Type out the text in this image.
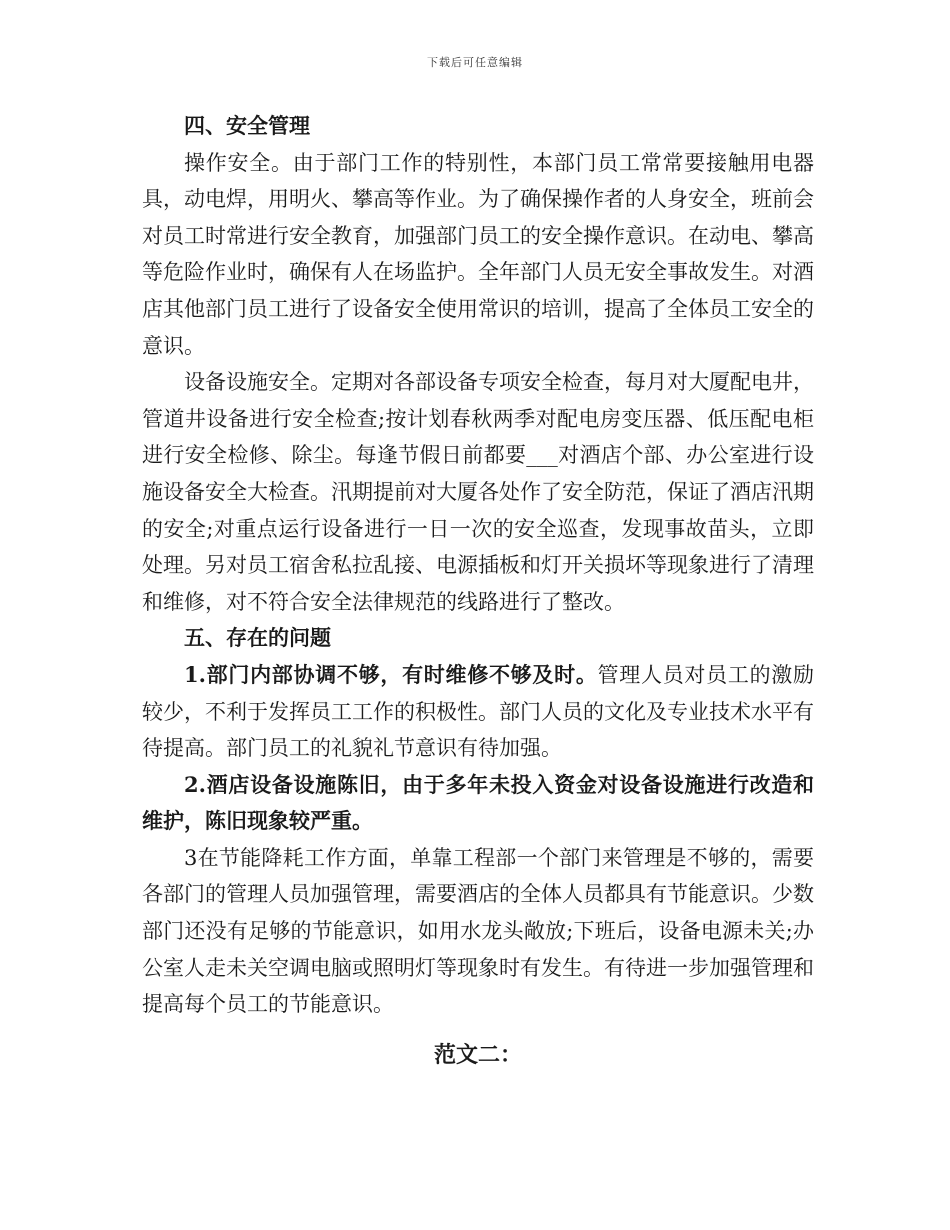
下载后可任意编辑

四、安全管理

操作安全。由于部门工作的特别性，本部门员工常常要接触用电器具，动电焊，用明火、攀高等作业。为了确保操作者的人身安全，班前会对员工时常进行安全教育，加强部门员工的安全操作意识。在动电、攀高等危险作业时，确保有人在场监护。全年部门人员无安全事故发生。对酒店其他部门员工进行了设备安全使用常识的培训，提高了全体员工安全的意识。

设备设施安全。定期对各部设备专项安全检查，每月对大厦配电井，管道井设备进行安全检查;按计划春秋两季对配电房变压器、低压配电柜进行安全检修、除尘。每逢节假日前都要___对酒店个部、办公室进行设施设备安全大检查。汛期提前对大厦各处作了安全防范，保证了酒店汛期的安全;对重点运行设备进行一日一次的安全巡查，发现事故苗头，立即处理。另对员工宿舍私拉乱接、电源插板和灯开关损坏等现象进行了清理和维修，对不符合安全法律规范的线路进行了整改。

五、存在的问题

1.部门内部协调不够，有时维修不够及时。管理人员对员工的激励较少，不利于发挥员工工作的积极性。部门人员的文化及专业技术水平有待提高。部门员工的礼貌礼节意识有待加强。

2.酒店设备设施陈旧，由于多年未投入资金对设备设施进行改造和维护，陈旧现象较严重。

3在节能降耗工作方面，单靠工程部一个部门来管理是不够的，需要各部门的管理人员加强管理，需要酒店的全体人员都具有节能意识。少数部门还没有足够的节能意识，如用水龙头敞放;下班后，设备电源未关;办公室人走未关空调电脑或照明灯等现象时有发生。有待进一步加强管理和提高每个员工的节能意识。

范文二：
